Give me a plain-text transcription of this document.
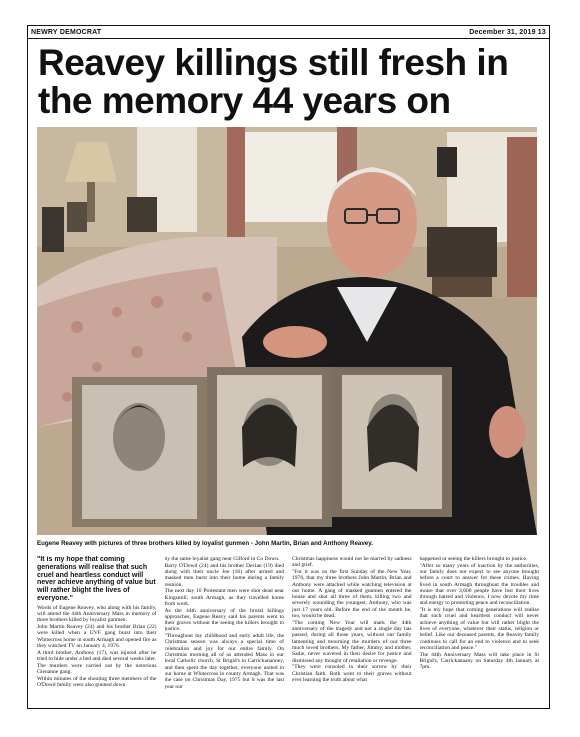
NEWRY DEMOCRAT	December 31, 2019 13
Reavey killings still fresh in
the memory 44 years on
Eugene Reavey with pictures of three brothers killed by loyalist gunmen - John Martin, Brian and Anthony Reavey.

"It is my hope that coming generations will realise that such cruel and heartless conduct will never achieve anything of value but will rather blight the lives of everyone."

Words of Eugene Reavey, who along with his family, will attend the 44th Anniversary Mass in memory of three brothers killed by loyalist gunmen.

John Martin Reavey (24) and his brother Brian (22) were killed when a UVF gang burst into their Whitecross home in south Armagh and opened fire as they watched TV on January 4, 1976.

A third brother, Anthony (17), was injured after he tried to hide under a bed and died several weeks later.

The murders were carried out by the notorious Glenanne gang.

Within minutes of the shooting three members of the O'Dowd family were also gunned down

by the same loyalist gang near Gilford in Co Down.

Barry O'Dowd (24) and his brother Declan (19) died along with their uncle Joe (16) after armed and masked men burst into their home during a family reunion.

The next day 10 Protestant men were shot dead near Kingsmill, south Armagh, as they travelled home from work.

As the 44th anniversary of the brutal killings approaches, Eugene Reavy said his parents went to their graves without the seeing the killers brought to justice.

"Throughout my childhood and early adult life, the Christmas season was always a special time of celebration and joy for our entire family. On Christmas morning all of us attended Mass in our local Catholic church, St Brigid's in Carrickananney, and then spent the day together, everyone united in our home at Whitecross in county Armagh. That was the case on Christmas Day, 1975 but it was the last year our

Christmas happiness would not be marred by sadness and grief.

"For it was on the first Sunday of the New Year, 1976, that my three brothers John Martin, Brian and Anthony were attacked while watching television at our home. A gang of masked gunmen entered the house and shot all three of them, killing two and severely wounding the youngest, Anthony, who was just 17 years old. Before the end of the month he, too, would be dead.

"The coming New Year will mark the 44th anniversary of the tragedy and not a single day has passed, during all those years, without our family lamenting and mourning the murders of our three much loved brothers. My father, Jimmy, and mother, Sadie, never wavered in their desire for justice and dismissed any thought of retaliation or revenge.

"They were consoled in their sorrow by their Christian faith. Both went to their graves without ever learning the truth about what

happened or seeing the killers brought to justice.

"After so many years of inaction by the authorities, our family does not expect to see anyone brought before a court to answer for these crimes. Having lived in south Armagh throughout the troubles and aware that over 3,600 people have lost their lives through hatred and violence, I now devote my time and energy to promoting peace and reconciliation.

"It is my hope that coming generations will realise that such cruel and heartless conduct will never achieve anything of value but will rather blight the lives of everyone, whatever their status, religion or belief. Like our deceased parents, the Reavey family continues to call for an end to violence and to seek reconciliation and peace."

The 44th Anniversary Mass will take place in St Brigid's, Carrickanaany on Saturday 4th January at 7pm.
